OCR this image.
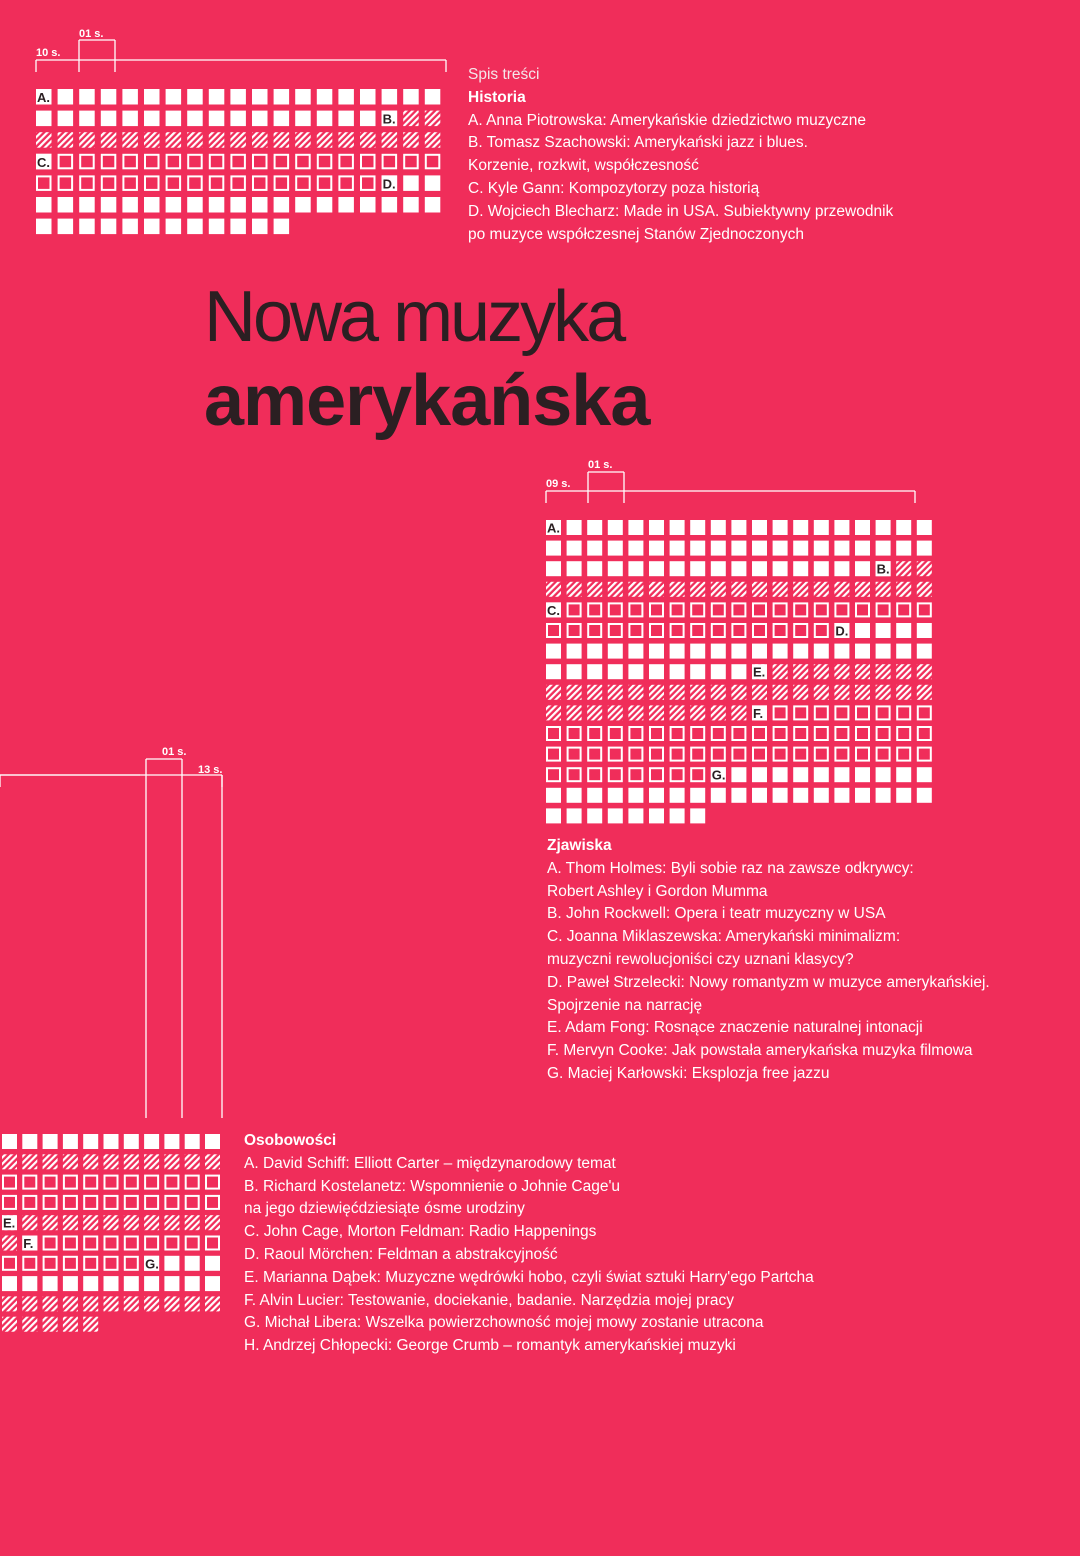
10 s.
01 s.
A.
B.
C.
D.
09 s.
01 s.
A.
B.
C.
D.
E.
F.
G.
13 s.
01 s.
E.
F.
G.
Spis treści
Historia
A. Anna Piotrowska: Amerykańskie dziedzictwo muzyczne
B. Tomasz Szachowski: Amerykański jazz i blues.
Korzenie, rozkwit, współczesność
C. Kyle Gann: Kompozytorzy poza historią
D. Wojciech Blecharz: Made in USA. Subiektywny przewodnik
po muzyce współczesnej Stanów Zjednoczonych
Nowa muzyka
amerykańska
Zjawiska
A. Thom Holmes: Byli sobie raz na zawsze odkrywcy:
Robert Ashley i Gordon Mumma
B. John Rockwell: Opera i teatr muzyczny w USA
C. Joanna Miklaszewska: Amerykański minimalizm:
muzyczni rewolucjoniści czy uznani klasycy?
D. Paweł Strzelecki: Nowy romantyzm w muzyce amerykańskiej.
Spojrzenie na narrację
E. Adam Fong: Rosnące znaczenie naturalnej intonacji
F. Mervyn Cooke: Jak powstała amerykańska muzyka filmowa
G. Maciej Karłowski: Eksplozja free jazzu
Osobowości
A. David Schiff: Elliott Carter – międzynarodowy temat
B. Richard Kostelanetz: Wspomnienie o Johnie Cage'u
na jego dziewięćdziesiąte ósme urodziny
C. John Cage, Morton Feldman: Radio Happenings
D. Raoul Mörchen: Feldman a abstrakcyjność
E. Marianna Dąbek: Muzyczne wędrówki hobo, czyli świat sztuki Harry'ego Partcha
F. Alvin Lucier: Testowanie, dociekanie, badanie. Narzędzia mojej pracy
G. Michał Libera: Wszelka powierzchowność mojej mowy zostanie utracona
H. Andrzej Chłopecki: George Crumb – romantyk amerykańskiej muzyki
